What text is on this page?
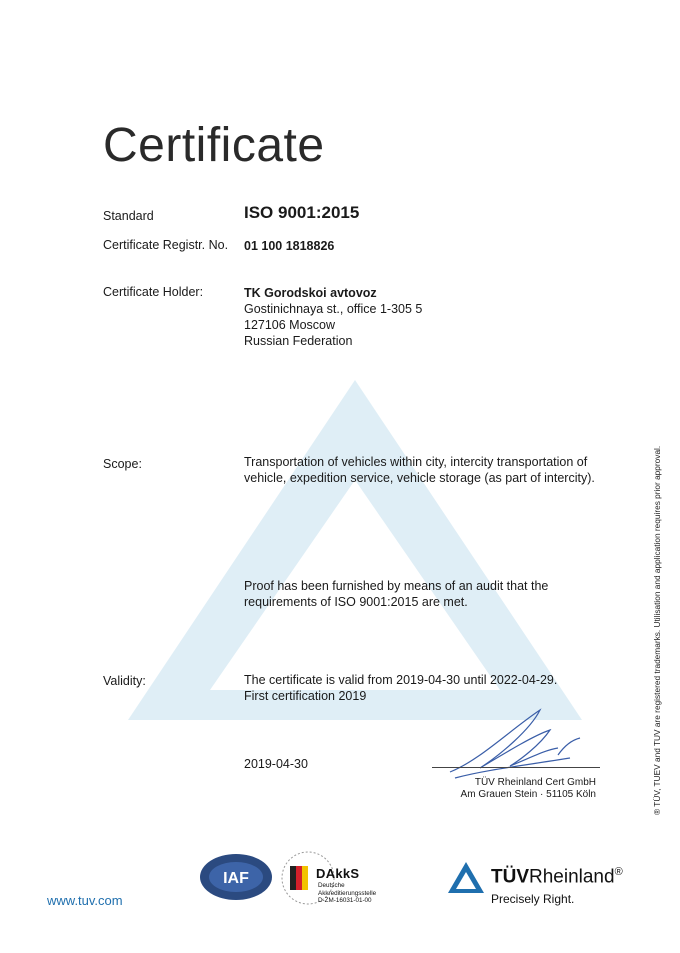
Certificate
Standard	ISO 9001:2015
Certificate Registr. No. 01 100 1818826
Certificate Holder:	TK Gorodskoi avtovoz
Gostinichnaya st., office 1-305 5
127106 Moscow
Russian Federation
Scope:	Transportation of vehicles within city, intercity transportation of
vehicle, expedition service, vehicle storage (as part of intercity).
Proof has been furnished by means of an audit that the
requirements of ISO 9001:2015 are met.
Validity:	The certificate is valid from 2019-04-30 until 2022-04-29.
First certification 2019
2019-04-30
TÜV Rheinland Cert GmbH
Am Grauen Stein · 51105 Köln	® TÜV, TUEV and TUV are registered trademarks. Utilisation and application requires prior approval.
www.tuv.com
IAF	DAkkS
Deutsche
Akkreditierungsstelle
D-ZM-16031-01-00
TÜVRheinland®
Precisely Right.
